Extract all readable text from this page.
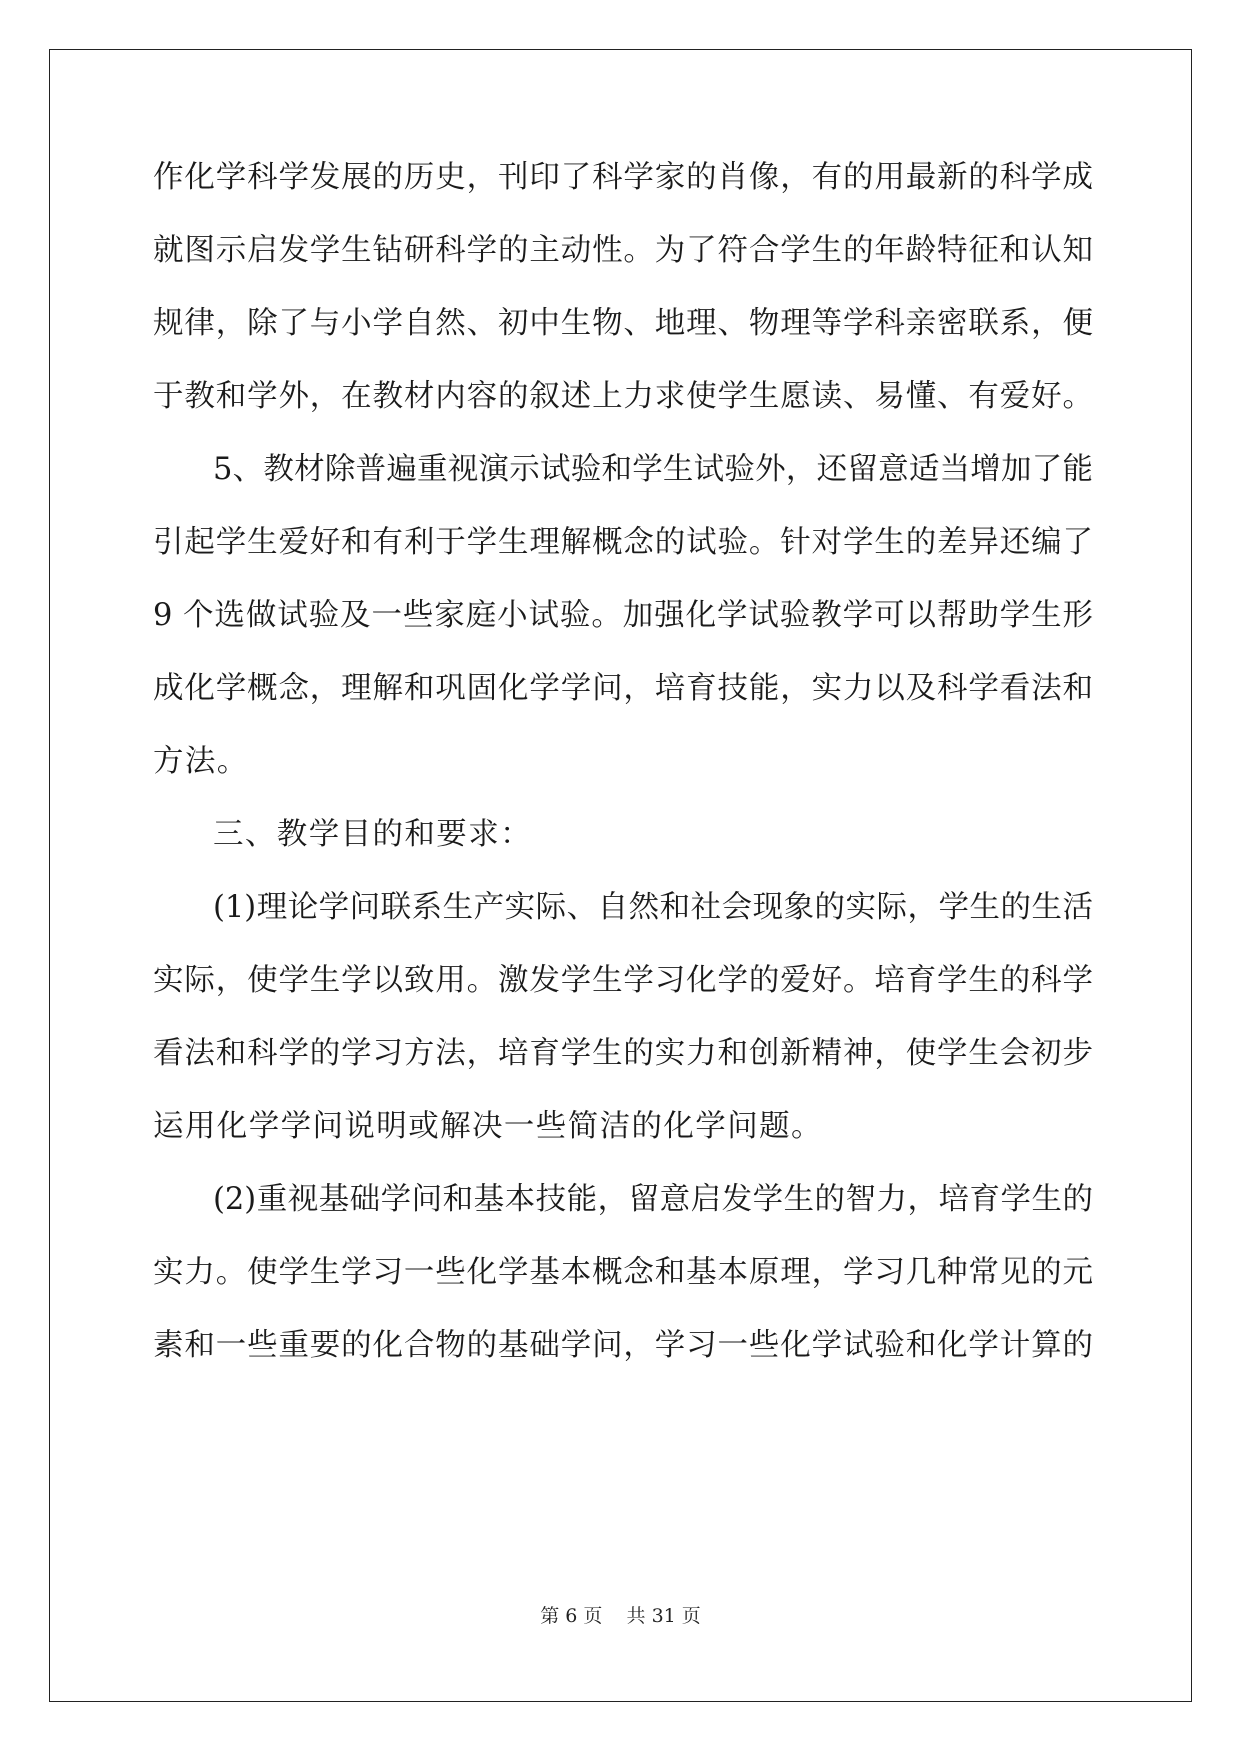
作化学科学发展的历史，刊印了科学家的肖像，有的用最新的科学成
就图示启发学生钻研科学的主动性。为了符合学生的年龄特征和认知
规律，除了与小学自然、初中生物、地理、物理等学科亲密联系，便
于教和学外，在教材内容的叙述上力求使学生愿读、易懂、有爱好。
5、教材除普遍重视演示试验和学生试验外，还留意适当增加了能
引起学生爱好和有利于学生理解概念的试验。针对学生的差异还编了
9 个选做试验及一些家庭小试验。加强化学试验教学可以帮助学生形
成化学概念，理解和巩固化学学问，培育技能，实力以及科学看法和
方法。
三、教学目的和要求：
(1)理论学问联系生产实际、自然和社会现象的实际，学生的生活
实际，使学生学以致用。激发学生学习化学的爱好。培育学生的科学
看法和科学的学习方法，培育学生的实力和创新精神，使学生会初步
运用化学学问说明或解决一些简洁的化学问题。
(2)重视基础学问和基本技能，留意启发学生的智力，培育学生的
实力。使学生学习一些化学基本概念和基本原理，学习几种常见的元
素和一些重要的化合物的基础学问，学习一些化学试验和化学计算的
第 6 页    共 31 页
